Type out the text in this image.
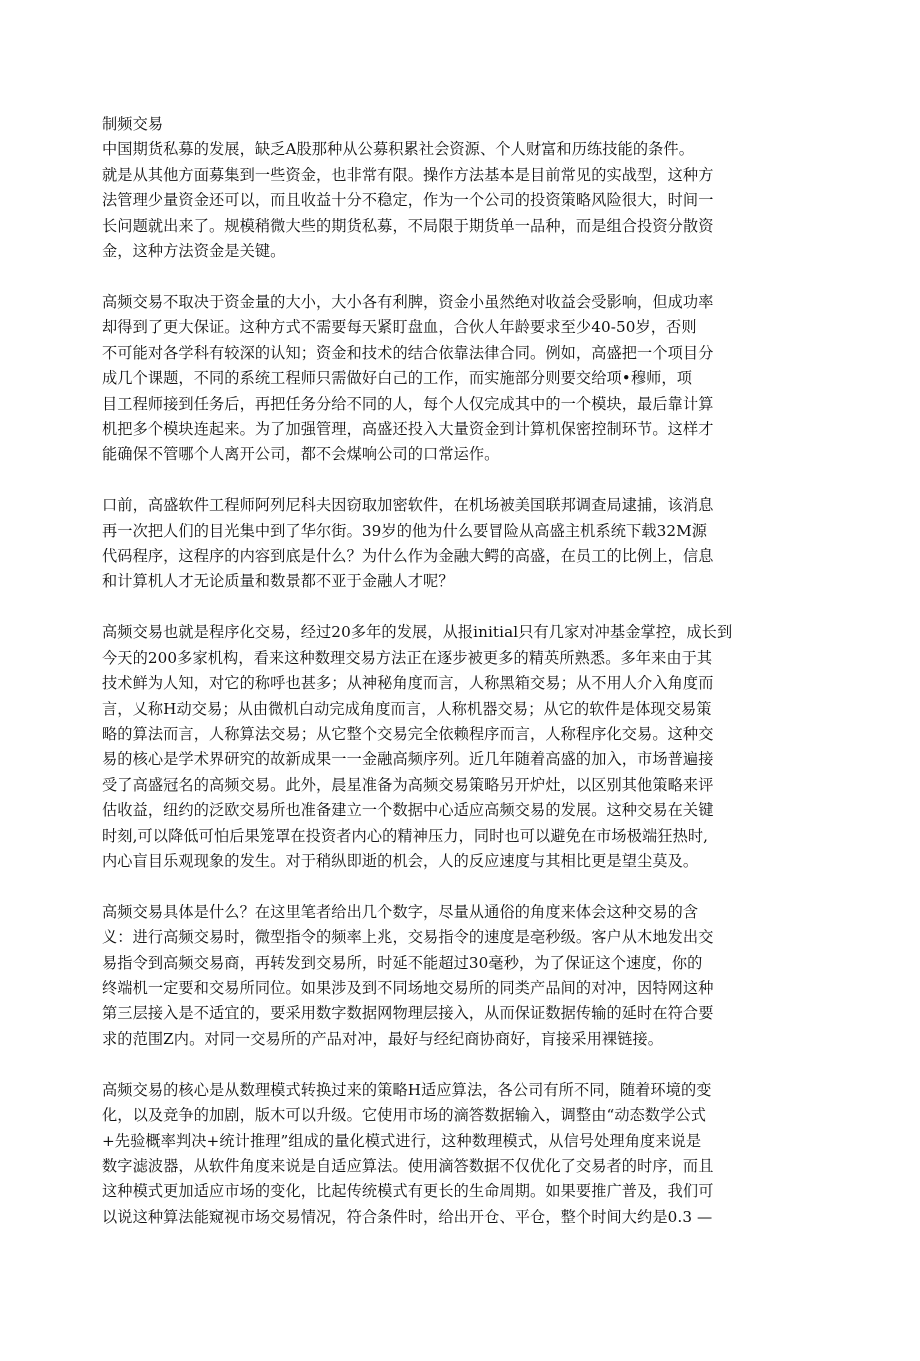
制频交易
中国期货私募的发展，缺乏A股那种从公募积累社会资源、个人财富和历练技能的条件。
就是从其他方面募集到一些资金，也非常有限。操作方法基本是目前常见的实战型，这种方
法管理少量资金还可以，而且收益十分不稳定，作为一个公司的投资策略风险很大，时间一
长问题就出来了。规模稍微大些的期货私募，不局限于期货单一品种，而是组合投资分散资
金，这种方法资金是关键。
高频交易不取决于资金量的大小，大小各有利脾，资金小虽然绝对收益会受影响，但成功率
却得到了更大保证。这种方式不需要每天紧盯盘血，合伙人年龄要求至少40-50岁，否则
不可能对各学科有较深的认知；资金和技术的结合依靠法律合同。例如，高盛把一个项目分
成几个课题，不同的系统工程师只需做好白己的工作，而实施部分则要交给项•穆师，项
目工程师接到任务后，再把任务分给不同的人，每个人仅完成其中的一个模块，最后靠计算
机把多个模块连起来。为了加强管理，高盛还投入大量资金到计算机保密控制环节。这样才
能确保不管哪个人离开公司，都不会煤响公司的口常运作。
口前，高盛软件工程师阿列尼科夫因窃取加密软件，在机场被美国联邦调查局逮捕，该消息
再一次把人们的目光集中到了华尔街。39岁的他为什么要冒险从高盛主机系统下载32M源
代码程序，这程序的内容到底是什么？为什么作为金融大鳄的高盛，在员工的比例上，信息
和计算机人才无论质量和数景都不亚于金融人才呢？
高频交易也就是程序化交易，经过20多年的发展，从报initial只有几家对冲基金掌控，成长到
今天的200多家机构，看来这种数理交易方法正在逐步被更多的精英所熟悉。多年来由于其
技术鲜为人知，对它的称呼也甚多；从神秘角度而言，人称黑箱交易；从不用人介入角度而
言，乂称H动交易；从由微机白动完成角度而言，人称机器交易；从它的软件是体现交易策
略的算法而言，人称算法交易；从它整个交易完全依赖程序而言，人称程序化交易。这种交
易的核心是学术界研究的故新成果一一金融高频序列。近几年随着高盛的加入，市场普遍接
受了高盛冠名的高频交易。此外，晨星准备为高频交易策略另开炉灶，以区别其他策略来评
估收益，纽约的泛欧交易所也准备建立一个数据中心适应高频交易的发展。这种交易在关键
时刻,可以降低可怕后果笼罩在投资者内心的精神压力，同时也可以避免在市场极端狂热时,
内心盲目乐观现象的发生。对于稍纵即逝的机会，人的反应速度与其相比更是望尘莫及。
高频交易具体是什么？在这里笔者给出几个数字，尽量从通俗的角度来体会这种交易的含
义：进行高频交易时，微型指令的频率上兆，交易指令的速度是亳秒级。客户从木地发出交
易指令到高频交易商，再转发到交易所，时延不能超过30毫秒，为了保证这个速度，你的
终端机一定要和交易所同位。如果涉及到不同场地交易所的同类产品间的对冲，因特网这种
第三层接入是不适宜的，要采用数字数据网物理层接入，从而保证数据传输的延时在符合要
求的范围Z内。对同一交易所的产品对冲，最好与经纪商协商好，肓接采用裸链接。
高频交易的核心是从数理模式转换过来的策略H适应算法，各公司有所不同，随着环境的变
化，以及竞争的加剧，版木可以升级。它使用市场的滴答数据输入，调整由“动态数学公式
+先验概率判决+统计推理”组成的量化模式进行，这种数理模式，从信号处理角度来说是
数字滤波器，从软件角度来说是自适应算法。使用滴答数据不仅优化了交易者的时序，而且
这种模式更加适应市场的变化，比起传统模式有更长的生命周期。如果要推广普及，我们可
以说这种算法能窥视市场交易情况，符合条件时，给出开仓、平仓，整个时间大约是0.3 —
